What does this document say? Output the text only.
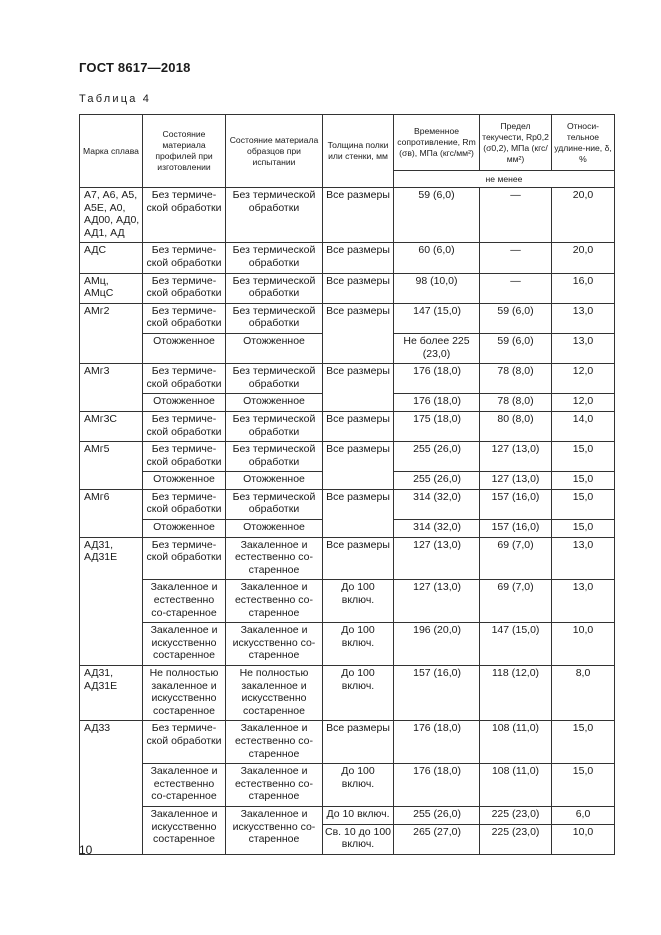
ГОСТ 8617—2018
Таблица 4
Марка сплава	Состояние материала профилей при изготовлении	Состояние материала образцов при испытании	Толщина полки или стенки, мм	Временное сопротивление, Rm (σв), МПа (кгс/мм²)	Предел текучести, Rp0,2 (σ0,2), МПа (кгс/мм²)	Относи-тельное удлине-ние, δ, %
				не менее		
А7, А6, А5, А5Е, А0, АД00, АД0, АД1, АД	Без термиче-ской обработки	Без термической обработки	Все размеры	59 (6,0)	—	20,0
АДС	Без термиче-ской обработки	Без термической обработки	Все размеры	60 (6,0)	—	20,0
АМц, АМцС	Без термиче-ской обработки	Без термической обработки	Все размеры	98 (10,0)	—	16,0
АМг2	Без термиче-ской обработки	Без термической обработки	Все размеры	147 (15,0)	59 (6,0)	13,0
	Отожженное	Отожженное		Не более 225 (23,0)	59 (6,0)	13,0
АМг3	Без термиче-ской обработки	Без термической обработки	Все размеры	176 (18,0)	78 (8,0)	12,0
	Отожженное	Отожженное		176 (18,0)	78 (8,0)	12,0
АМг3С	Без термиче-ской обработки	Без термической обработки	Все размеры	175 (18,0)	80 (8,0)	14,0
АМг5	Без термиче-ской обработки	Без термической обработки	Все размеры	255 (26,0)	127 (13,0)	15,0
	Отожженное	Отожженное		255 (26,0)	127 (13,0)	15,0
АМг6	Без термиче-ской обработки	Без термической обработки	Все размеры	314 (32,0)	157 (16,0)	15,0
	Отожженное	Отожженное		314 (32,0)	157 (16,0)	15,0
АД31, АД31Е	Без термиче-ской обработки	Закаленное и естественно со-старенное	Все размеры	127 (13,0)	69 (7,0)	13,0
	Закаленное и естественно со-старенное	Закаленное и естественно со-старенное	До 100 включ.	127 (13,0)	69 (7,0)	13,0
	Закаленное и искусственно состаренное	Закаленное и искусственно со-старенное	До 100 включ.	196 (20,0)	147 (15,0)	10,0
АД31, АД31Е	Не полностью закаленное и искусственно состаренное	Не полностью закаленное и искусственно состаренное	До 100 включ.	157 (16,0)	118 (12,0)	8,0
АД33	Без термиче-ской обработки	Закаленное и естественно со-старенное	Все размеры	176 (18,0)	108 (11,0)	15,0
	Закаленное и естественно со-старенное	Закаленное и естественно со-старенное	До 100 включ.	176 (18,0)	108 (11,0)	15,0
	Закаленное и искусственно состаренное	Закаленное и искусственно со-старенное	До 10 включ.	255 (26,0)	225 (23,0)	6,0
			Св. 10 до 100 включ.	265 (27,0)	225 (23,0)	10,0
10
